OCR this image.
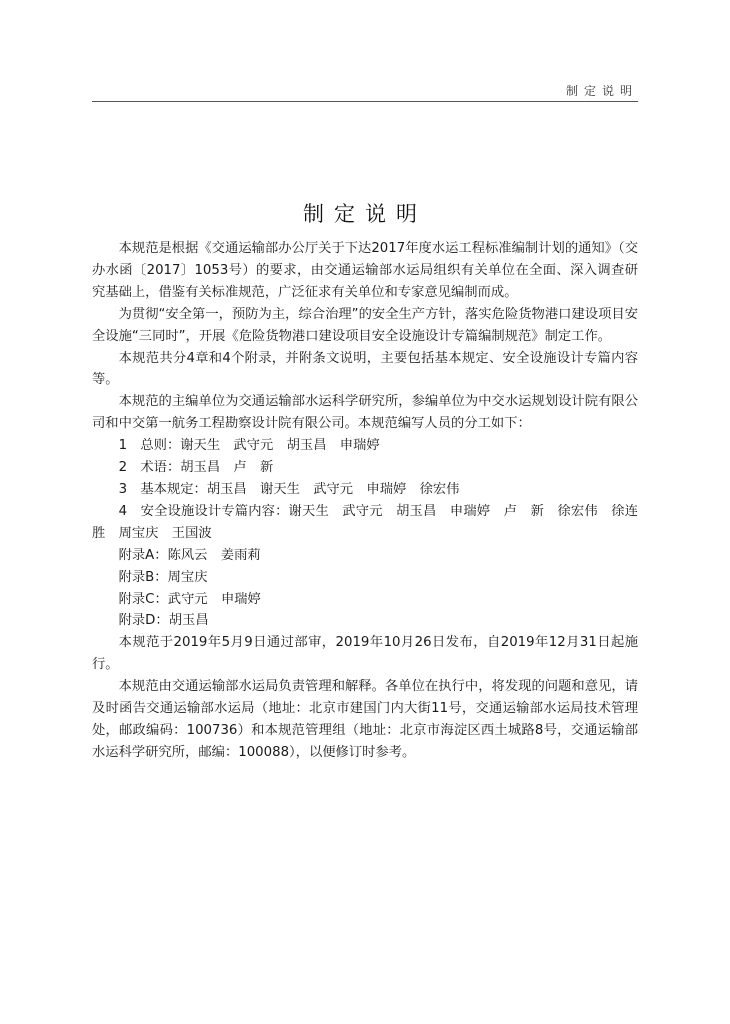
制定说明
制定说明

本规范是根据《交通运输部办公厅关于下达2017年度水运工程标准编制计划的通知》（交办水函〔2017〕1053号）的要求，由交通运输部水运局组织有关单位在全面、深入调查研究基础上，借鉴有关标准规范，广泛征求有关单位和专家意见编制而成。

为贯彻“安全第一，预防为主，综合治理”的安全生产方针，落实危险货物港口建设项目安全设施“三同时”，开展《危险货物港口建设项目安全设施设计专篇编制规范》制定工作。

本规范共分4章和4个附录，并附条文说明，主要包括基本规定、安全设施设计专篇内容等。

本规范的主编单位为交通运输部水运科学研究所，参编单位为中交水运规划设计院有限公司和中交第一航务工程勘察设计院有限公司。本规范编写人员的分工如下：

1　总则：谢天生　武守元　胡玉昌　申瑞婷

2　术语：胡玉昌　卢　新

3　基本规定：胡玉昌　谢天生　武守元　申瑞婷　徐宏伟

4　安全设施设计专篇内容：谢天生　武守元　胡玉昌　申瑞婷　卢　新　徐宏伟　徐连胜　周宝庆　王国波

附录A：陈风云　姜雨莉

附录B：周宝庆

附录C：武守元　申瑞婷

附录D：胡玉昌

本规范于2019年5月9日通过部审，2019年10月26日发布，自2019年12月31日起施行。

本规范由交通运输部水运局负责管理和解释。各单位在执行中，将发现的问题和意见，请及时函告交通运输部水运局（地址：北京市建国门内大街11号，交通运输部水运局技术管理处，邮政编码：100736）和本规范管理组（地址：北京市海淀区西土城路8号，交通运输部水运科学研究所，邮编：100088），以便修订时参考。
